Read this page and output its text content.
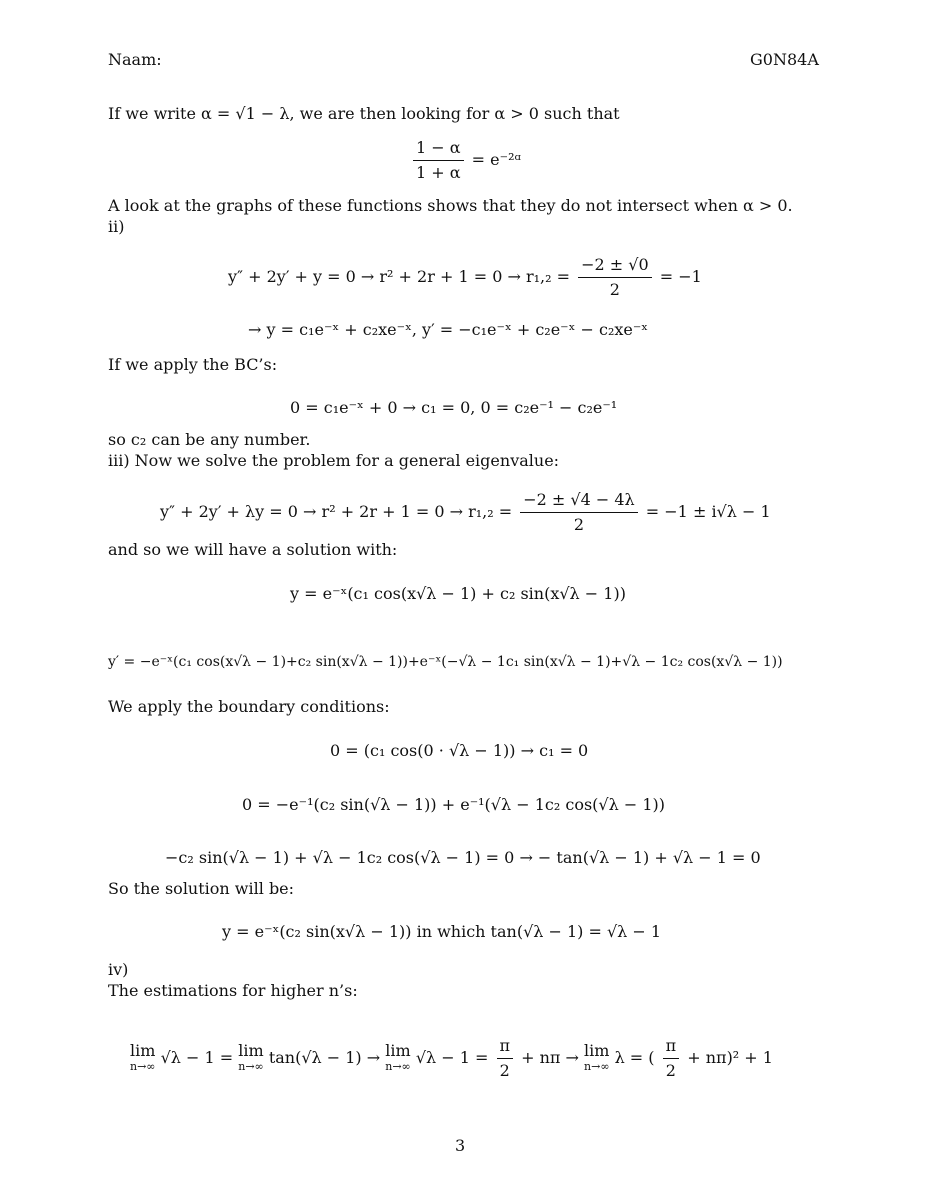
Naam:	G0N84A
If we write α = √1 − λ, we are then looking for α > 0 such that
$\frac{1 - \alpha}{1 + \alpha}$ = e⁻²ᵅ
A look at the graphs of these functions shows that they do not intersect when α > 0.
ii)
$y'' + 2y' + y = 0 \to r^2 + 2r + 1 = 0 \to r_1,_2 = \frac{-2 \pm √0}{2} = -1$
→ y = c₁e⁻ˣ + c₂xe⁻ˣ, y′ = −c₁e⁻ˣ + c₂e⁻ˣ − c₂xe⁻ˣ
If we apply the BC’s:
0 = c₁e⁻ˣ + 0 → c₁ = 0, 0 = c₂e⁻¹ − c₂e⁻¹
so c₂ can be any number.
iii) Now we solve the problem for a general eigenvalue:
$y'' + 2y' + \lambda y = 0 \to r^2 + 2r + 1 = 0 \to r_1,_2 = \frac{-2 \pm √4 - 4\lambda}{2} = -1 \pm i√\lambda - 1$
and so we will have a solution with:
y = e⁻ˣ(c₁ cos(x√λ − 1) + c₂ sin(x√λ − 1))
y′ = −e⁻ˣ(c₁ cos(x√λ − 1)+c₂ sin(x√λ − 1))+e⁻ˣ(−√λ − 1c₁ sin(x√λ − 1)+√λ − 1c₂ cos(x√λ − 1))
We apply the boundary conditions:
0 = (c₁ cos(0 · √λ − 1)) → c₁ = 0
0 = −e⁻¹(c₂ sin(√λ − 1)) + e⁻¹(√λ − 1c₂ cos(√λ − 1))
−c₂ sin(√λ − 1) + √λ − 1c₂ cos(√λ − 1) = 0 → − tan(√λ − 1) + √λ − 1 = 0
So the solution will be:
y = e⁻ˣ(c₂ sin(x√λ − 1)) in which tan(√λ − 1) = √λ − 1
iv)
The estimations for higher n’s:
lim
n→∞ √λ − 1 = lim
n→∞ tan(√λ − 1) → lim
n→∞ $√\lambda - 1 = \frac{\pi}{2} + n\pi \to \lim$
n→∞ λ = ( $\frac{\pi}{2} + n\pi)^2 + 1$
3
